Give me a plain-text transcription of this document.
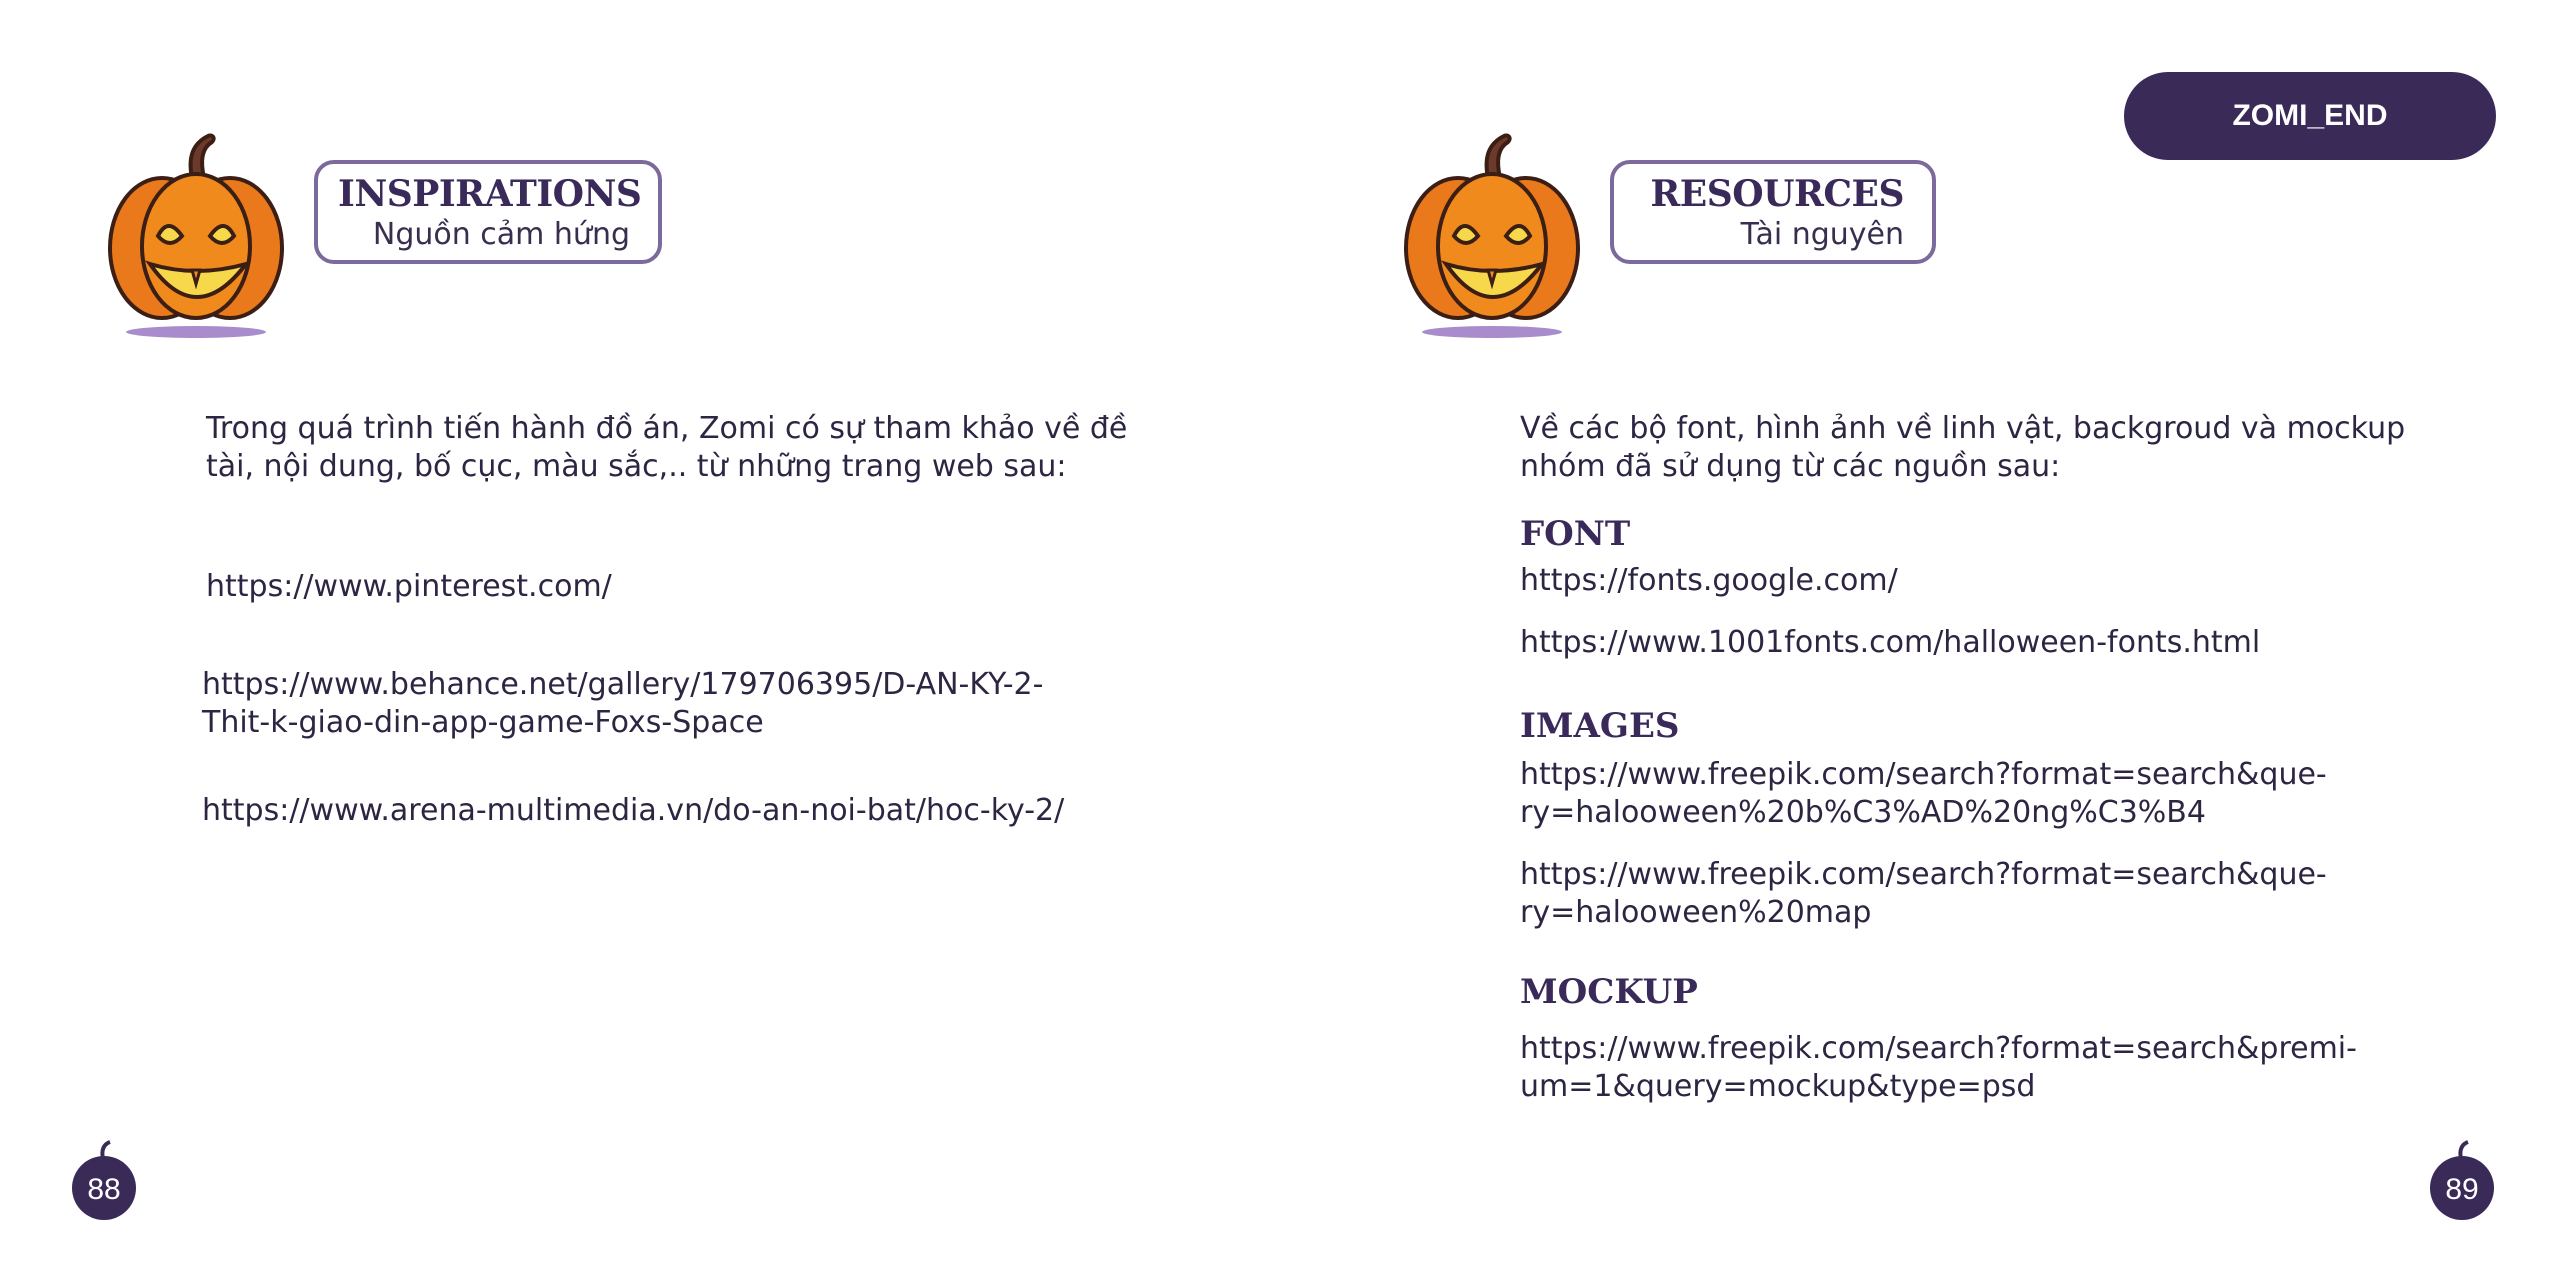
INSPIRATIONS
Nguồn cảm hứng
Trong quá trình tiến hành đồ án, Zomi có sự tham khảo về đề
tài, nội dung, bố cục, màu sắc,.. từ những trang web sau:
https://www.pinterest.com/
https://www.behance.net/gallery/179706395/D-AN-KY-2-
Thit-k-giao-din-app-game-Foxs-Space
https://www.arena-multimedia.vn/do-an-noi-bat/hoc-ky-2/
88
RESOURCES
Tài nguyên
Về các bộ font, hình ảnh về linh vật, backgroud và mockup
nhóm đã sử dụng từ các nguồn sau:
FONT
https://fonts.google.com/
https://www.1001fonts.com/halloween-fonts.html
IMAGES
https://www.freepik.com/search?format=search&que-
ry=halooween%20b%C3%AD%20ng%C3%B4
https://www.freepik.com/search?format=search&que-
ry=halooween%20map
MOCKUP
https://www.freepik.com/search?format=search&premi-
um=1&query=mockup&type=psd
89
ZOMI_END
